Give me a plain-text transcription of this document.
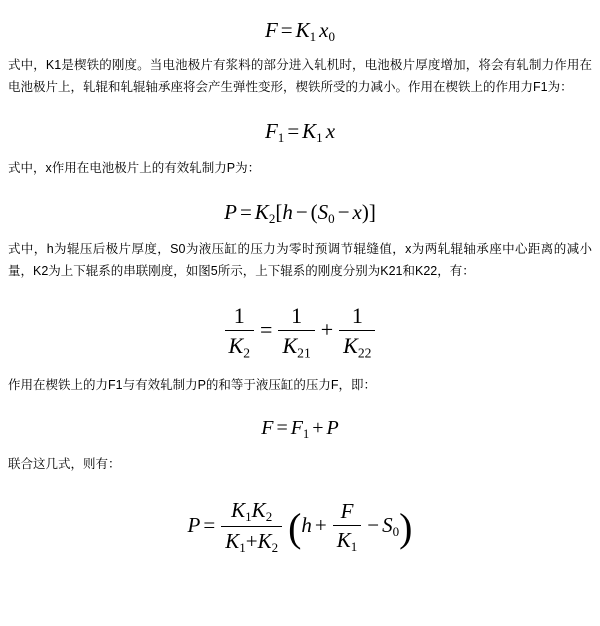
F = K1 x0

式中，K1是楔铁的刚度。当电池极片有浆料的部分进入轧机时，电池极片厚度增加，将会有轧制力作用在电池极片上，轧辊和轧辊轴承座将会产生弹性变形，楔铁所受的力减小。作用在楔铁上的作用力F1为：

F1 = K1 x

式中，x作用在电池极片上的有效轧制力P为：

P = K2[h − (S0 − x)]

式中，h为辊压后极片厚度，S0为液压缸的压力为零时预调节辊缝值，x为两轧辊轴承座中心距离的减小量，K2为上下辊系的串联刚度，如图5所示，上下辊系的刚度分别为K21和K22，有：

$\frac{1}{K2} = \frac{1}{K21} + \frac{1}{K22}$

作用在楔铁上的力F1与有效轧制力P的和等于液压缸的压力F，即：

F = F1 + P

联合这几式，则有：

$P = \frac{K1K2}{K1+K2} (h + \frac{F}{K1} - S0)$
